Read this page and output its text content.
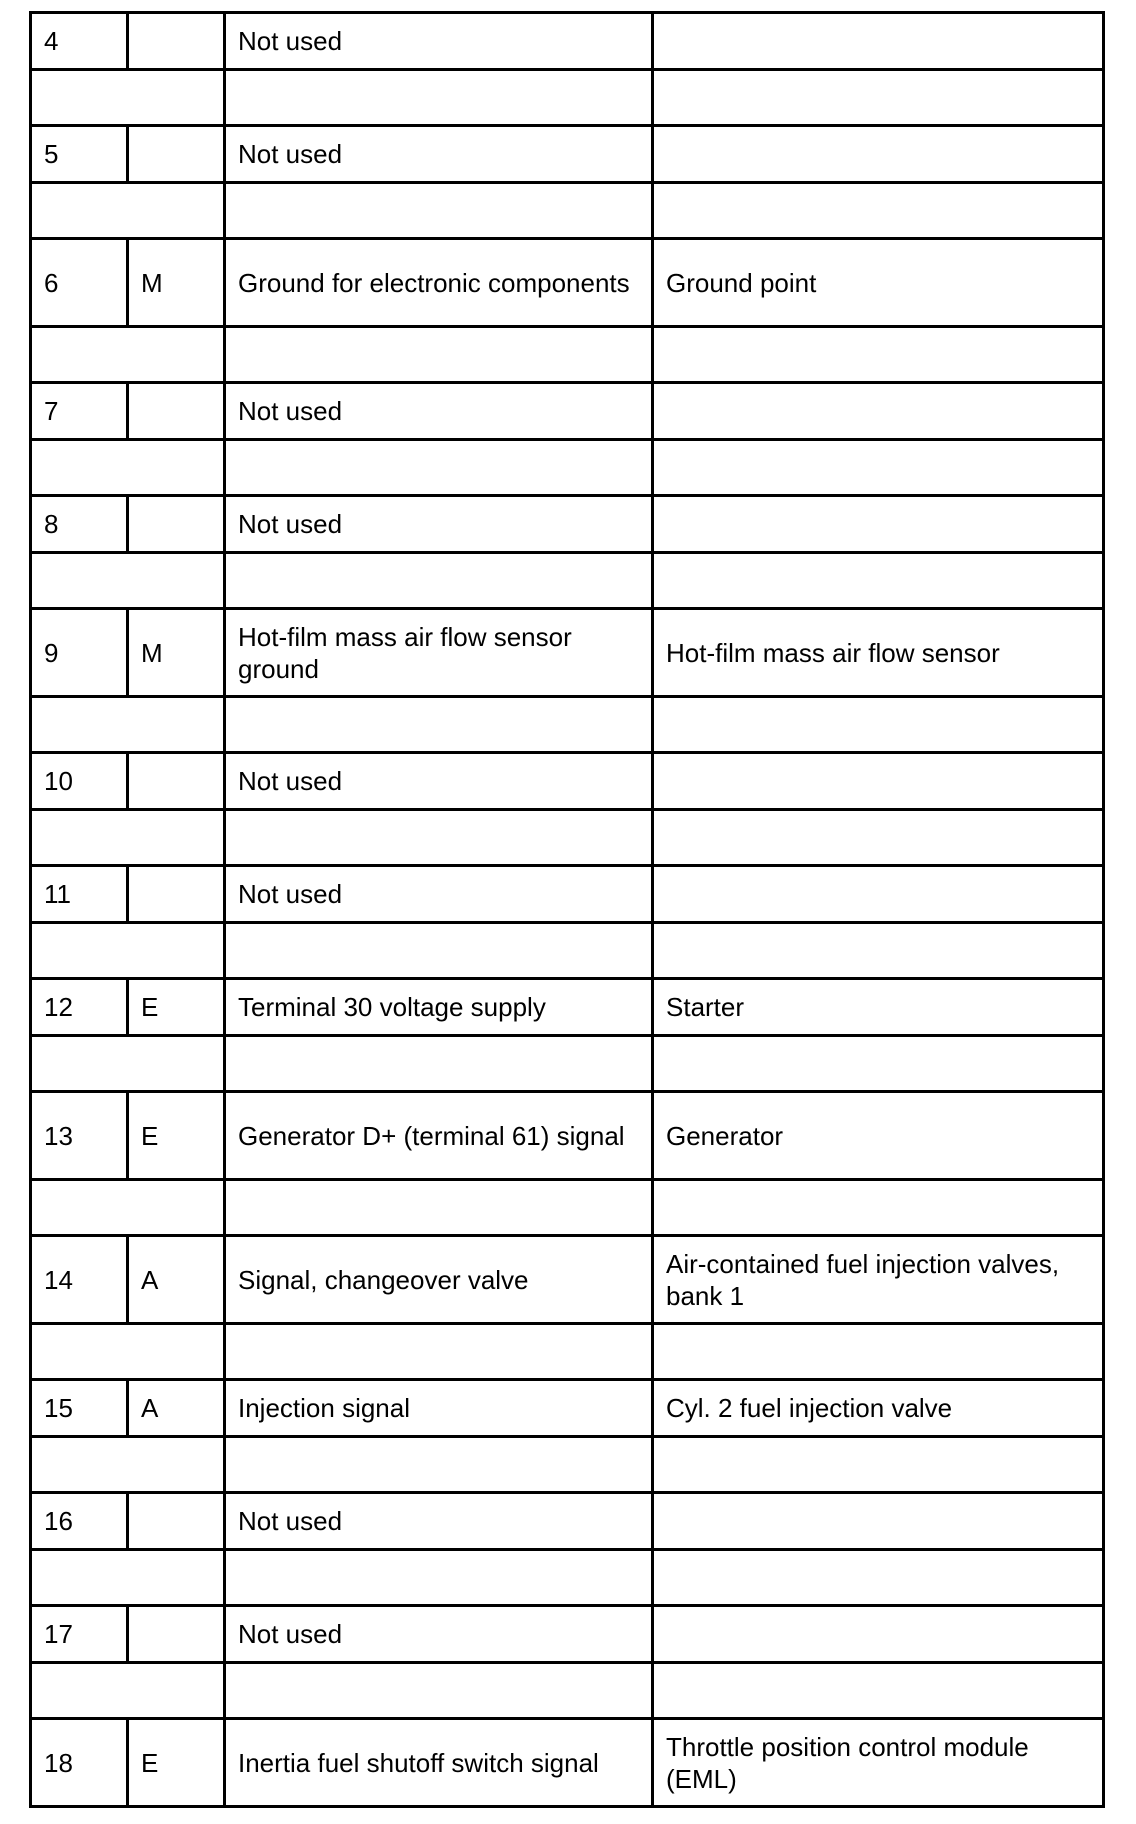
4		Not used	

5		Not used	

6	M	Ground for electronic components	Ground point

7		Not used	

8		Not used	

9	M	Hot-film mass air flow sensor ground	Hot-film mass air flow sensor

10		Not used	

11		Not used	

12	E	Terminal 30 voltage supply	Starter

13	E	Generator D+ (terminal 61) signal	Generator

14	A	Signal, changeover valve	Air-contained fuel injection valves, bank 1

15	A	Injection signal	Cyl. 2 fuel injection valve

16		Not used	

17		Not used	

18	E	Inertia fuel shutoff switch signal	Throttle position control module (EML)
